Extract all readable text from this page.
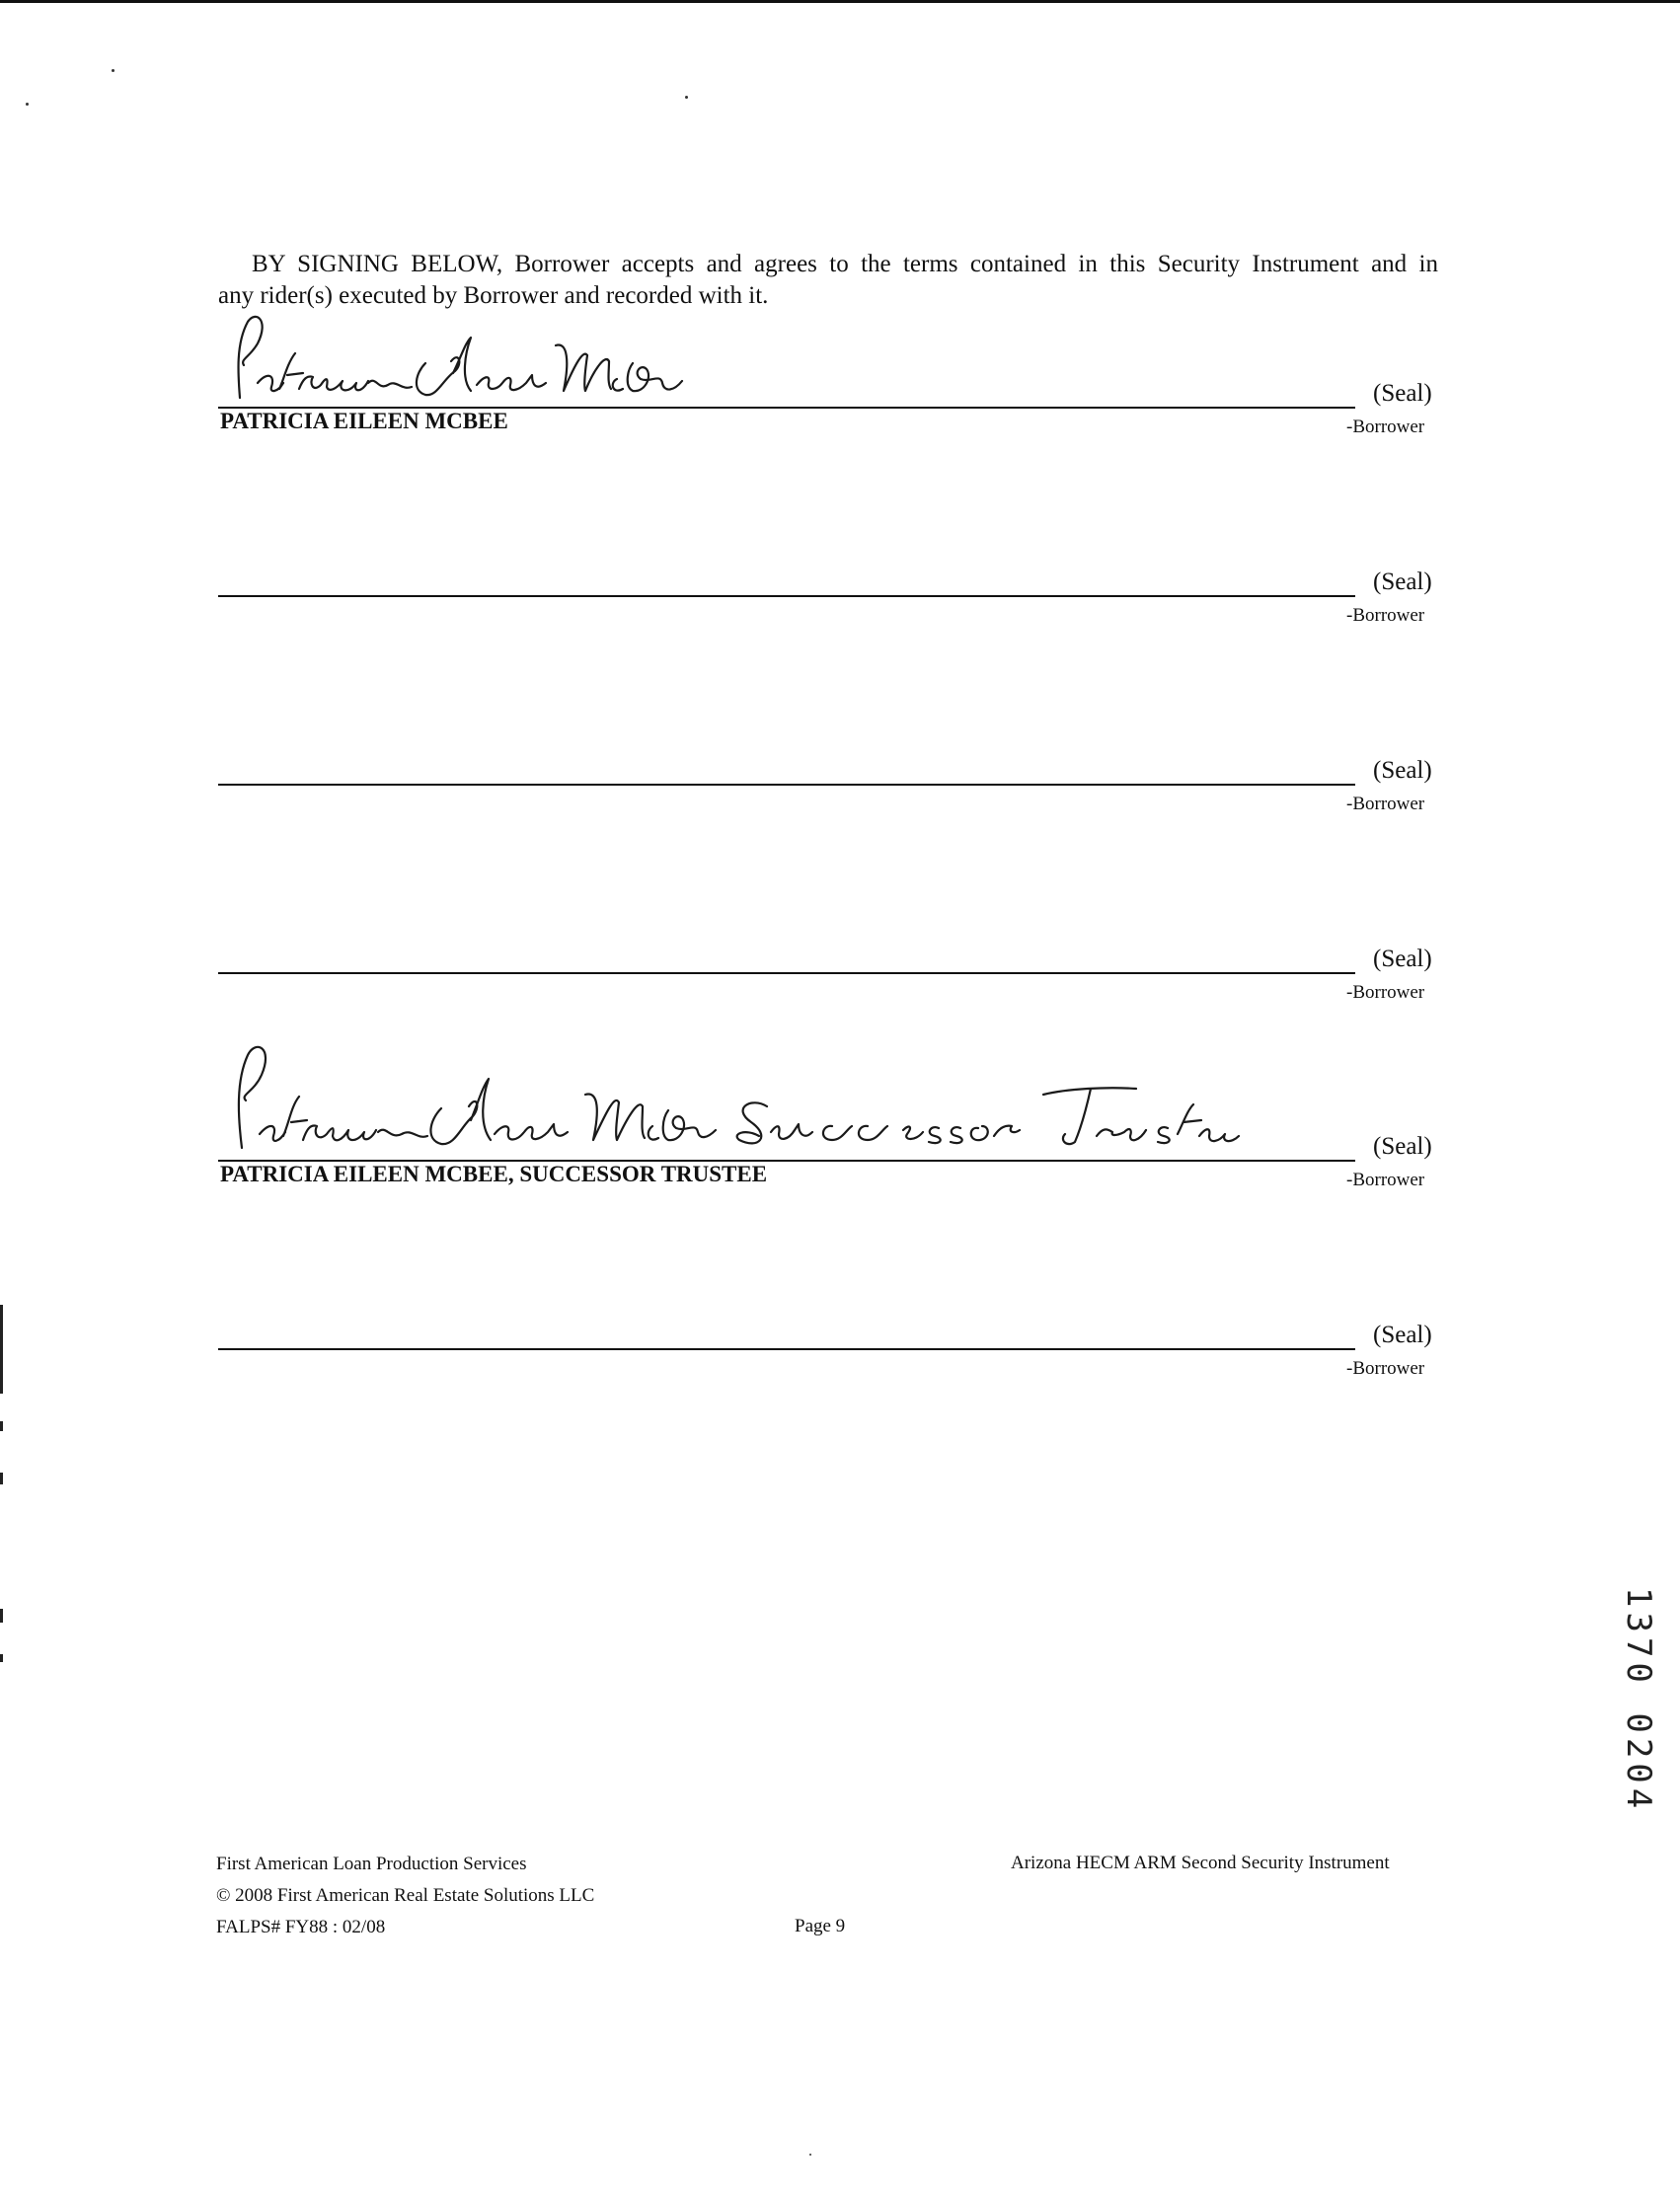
BY SIGNING BELOW, Borrower accepts and agrees to the terms contained in this Security Instrument and in
any rider(s) executed by Borrower and recorded with it.
(Seal)
-Borrower
PATRICIA EILEEN MCBEE
(Seal)
-Borrower
(Seal)
-Borrower
(Seal)
-Borrower
(Seal)
-Borrower
PATRICIA EILEEN MCBEE, SUCCESSOR TRUSTEE
(Seal)
-Borrower
First American Loan Production Services
© 2008 First American Real Estate Solutions LLC
FALPS# FY88 : 02/08
Arizona HECM ARM Second Security Instrument
Page 9
1370 0204
